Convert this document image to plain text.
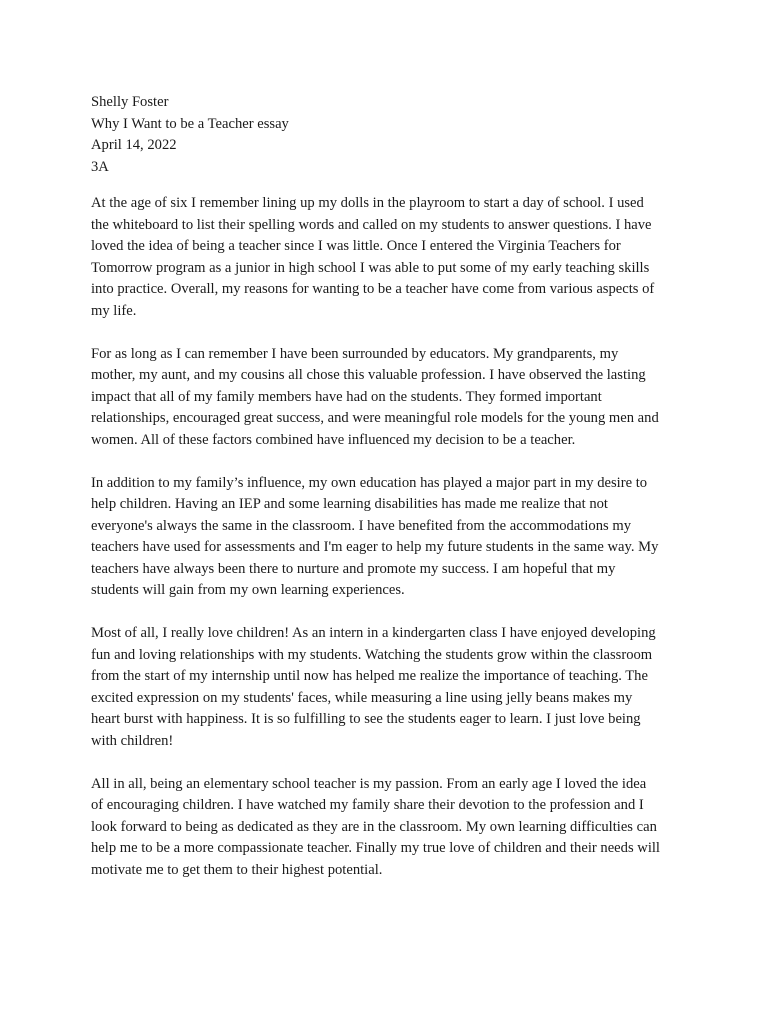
Shelly Foster
Why I Want to be a Teacher essay
April 14, 2022
3A
At the age of six I remember lining up my dolls in the playroom to start a day of school. I used
the whiteboard to list their spelling words and called on my students to answer questions. I have
loved the idea of being a teacher since I was little. Once I entered the Virginia Teachers for
Tomorrow program as a junior in high school I was able to put some of my early teaching skills
into practice. Overall, my reasons for wanting to be a teacher have come from various aspects of
my life.
For as long as I can remember I have been surrounded by educators. My grandparents, my
mother, my aunt, and my cousins all chose this valuable profession. I have observed the lasting
impact that all of my family members have had on the students. They formed important
relationships, encouraged great success, and were meaningful role models for the young men and
women. All of these factors combined have influenced my decision to be a teacher.
In addition to my family’s influence, my own education has played a major part in my desire to
help children. Having an IEP and some learning disabilities has made me realize that not
everyone's always the same in the classroom. I have benefited from the accommodations my
teachers have used for assessments and I'm eager to help my future students in the same way. My
teachers have always been there to nurture and promote my success. I am hopeful that my
students will gain from my own learning experiences.
Most of all, I really love children! As an intern in a kindergarten class I have enjoyed developing
fun and loving relationships with my students. Watching the students grow within the classroom
from the start of my internship until now has helped me realize the importance of teaching. The
excited expression on my students' faces, while measuring a line using jelly beans makes my
heart burst with happiness. It is so fulfilling to see the students eager to learn. I just love being
with children!
All in all, being an elementary school teacher is my passion. From an early age I loved the idea
of encouraging children. I have watched my family share their devotion to the profession and I
look forward to being as dedicated as they are in the classroom. My own learning difficulties can
help me to be a more compassionate teacher. Finally my true love of children and their needs will
motivate me to get them to their highest potential.
